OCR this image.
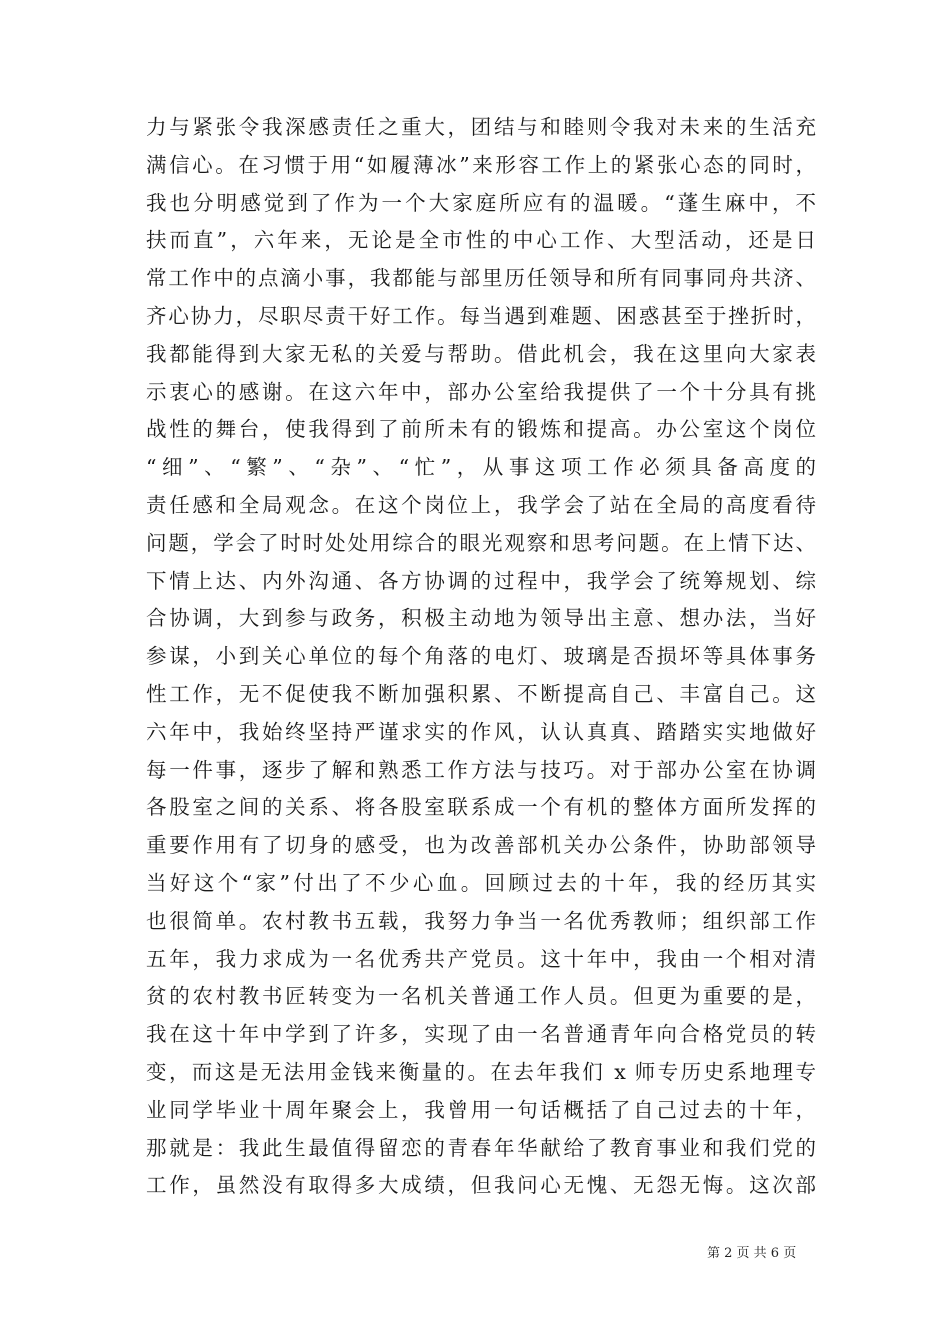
力与紧张令我深感责任之重大，团结与和睦则令我对未来的生活充
满信心。在习惯于用“如履薄冰”来形容工作上的紧张心态的同时，
我也分明感觉到了作为一个大家庭所应有的温暖。“蓬生麻中，不
扶而直”，六年来，无论是全市性的中心工作、大型活动，还是日
常工作中的点滴小事，我都能与部里历任领导和所有同事同舟共济、
齐心协力，尽职尽责干好工作。每当遇到难题、困惑甚至于挫折时，
我都能得到大家无私的关爱与帮助。借此机会，我在这里向大家表
示衷心的感谢。在这六年中，部办公室给我提供了一个十分具有挑
战性的舞台，使我得到了前所未有的锻炼和提高。办公室这个岗位
“细”、“繁”、“杂”、“忙”，从事这项工作必须具备高度的
责任感和全局观念。在这个岗位上，我学会了站在全局的高度看待
问题，学会了时时处处用综合的眼光观察和思考问题。在上情下达、
下情上达、内外沟通、各方协调的过程中，我学会了统筹规划、综
合协调，大到参与政务，积极主动地为领导出主意、想办法，当好
参谋，小到关心单位的每个角落的电灯、玻璃是否损坏等具体事务
性工作，无不促使我不断加强积累、不断提高自己、丰富自己。这
六年中，我始终坚持严谨求实的作风，认认真真、踏踏实实地做好
每一件事，逐步了解和熟悉工作方法与技巧。对于部办公室在协调
各股室之间的关系、将各股室联系成一个有机的整体方面所发挥的
重要作用有了切身的感受，也为改善部机关办公条件，协助部领导
当好这个“家”付出了不少心血。回顾过去的十年，我的经历其实
也很简单。农村教书五载，我努力争当一名优秀教师；组织部工作
五年，我力求成为一名优秀共产党员。这十年中，我由一个相对清
贫的农村教书匠转变为一名机关普通工作人员。但更为重要的是，
我在这十年中学到了许多，实现了由一名普通青年向合格党员的转
变，而这是无法用金钱来衡量的。在去年我们 x 师专历史系地理专
业同学毕业十周年聚会上，我曾用一句话概括了自己过去的十年，
那就是：我此生最值得留恋的青春年华献给了教育事业和我们党的
工作，虽然没有取得多大成绩，但我问心无愧、无怨无悔。这次部
第 2 页 共 6 页
